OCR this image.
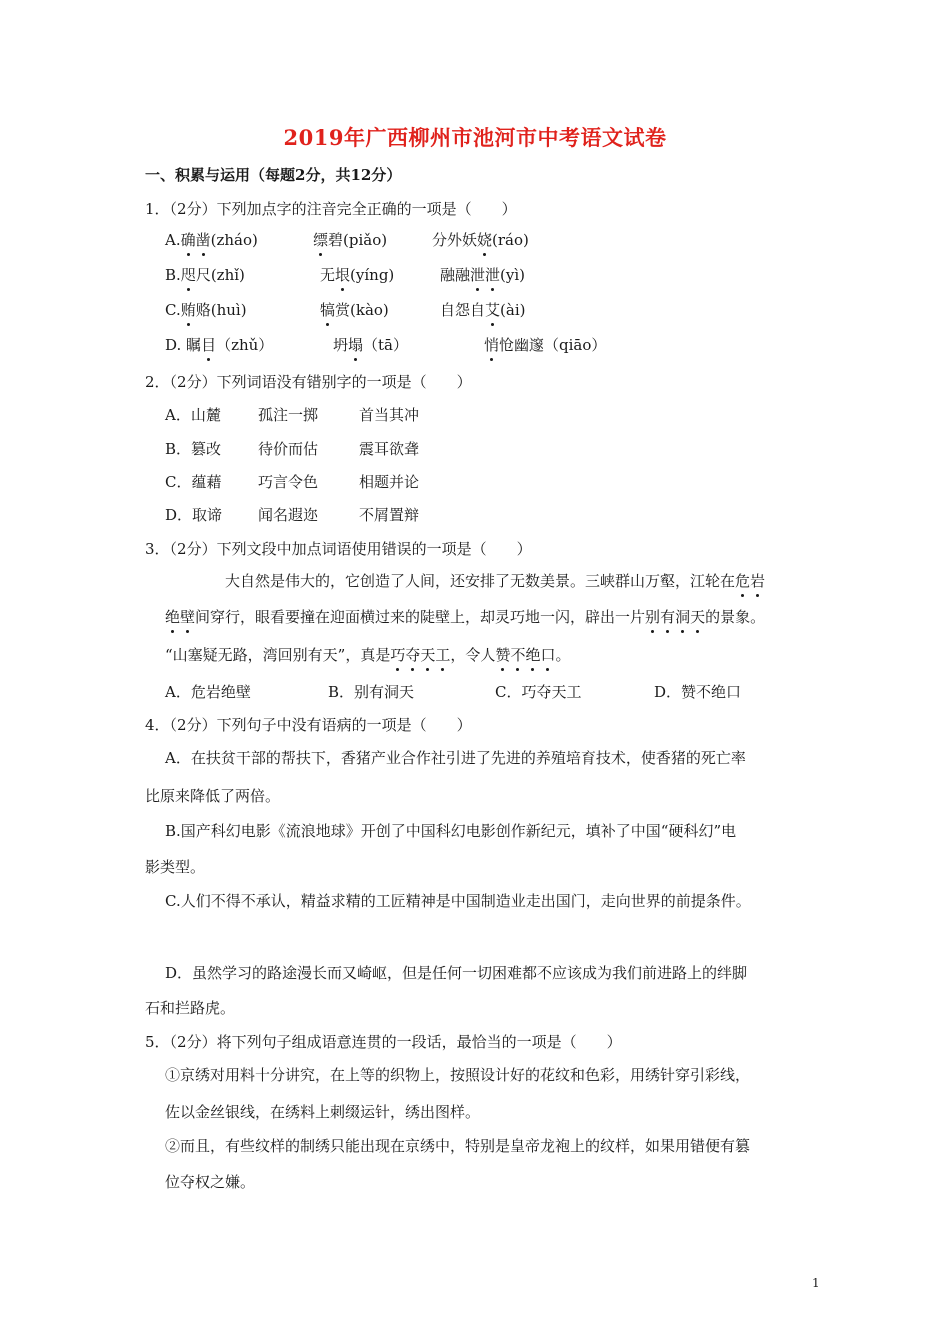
2019年广西柳州市池河市中考语文试卷
一、积累与运用（每题2分，共12分）
1．（2分）下列加点字的注音完全正确的一项是（　　）
A.确凿(zháo)	缥碧(piǎo)	分外妖娆(ráo)
B.咫尺(zhǐ)	无垠(yíng)	融融泄泄(yì)
C.贿赂(huì)	犒赏(kào)	自怨自艾(ài)
D. 瞩目（zhǔ）	坍塌（tā）	悄怆幽邃（qiāo）
2．（2分）下列词语没有错别字的一项是（　　）
A．山麓 孤注一掷	首当其冲
B．篡改 待价而估	震耳欲聋
C．蕴藉 巧言令色	相题并论
D．取谛 闻名遐迩	不屑置辩
3．（2分）下列文段中加点词语使用错误的一项是（　　）
大自然是伟大的，它创造了人间，还安排了无数美景。三峡群山万壑，江轮在危岩
绝壁间穿行，眼看要撞在迎面横过来的陡壁上，却灵巧地一闪，辟出一片别有洞天的景象。
“山塞疑无路，湾回别有天”，真是巧夺天工，令人赞不绝口。
A．危岩绝壁	B．别有洞天	C．巧夺天工	D．赞不绝口
4．（2分）下列句子中没有语病的一项是（　　）
A．在扶贫干部的帮扶下，香猪产业合作社引进了先进的养殖培育技术，使香猪的死亡率
比原来降低了两倍。
B.国产科幻电影《流浪地球》开创了中国科幻电影创作新纪元，填补了中国“硬科幻”电
影类型。
C.人们不得不承认，精益求精的工匠精神是中国制造业走出国门，走向世界的前提条件。
D．虽然学习的路途漫长而又崎岖，但是任何一切困难都不应该成为我们前进路上的绊脚
石和拦路虎。
5．（2分）将下列句子组成语意连贯的一段话，最恰当的一项是（　　）
①京绣对用料十分讲究，在上等的织物上，按照设计好的花纹和色彩，用绣针穿引彩线，
佐以金丝银线，在绣料上刺缀运针，绣出图样。
②而且，有些纹样的制绣只能出现在京绣中，特别是皇帝龙袍上的纹样，如果用错便有篡
位夺权之嫌。
1
